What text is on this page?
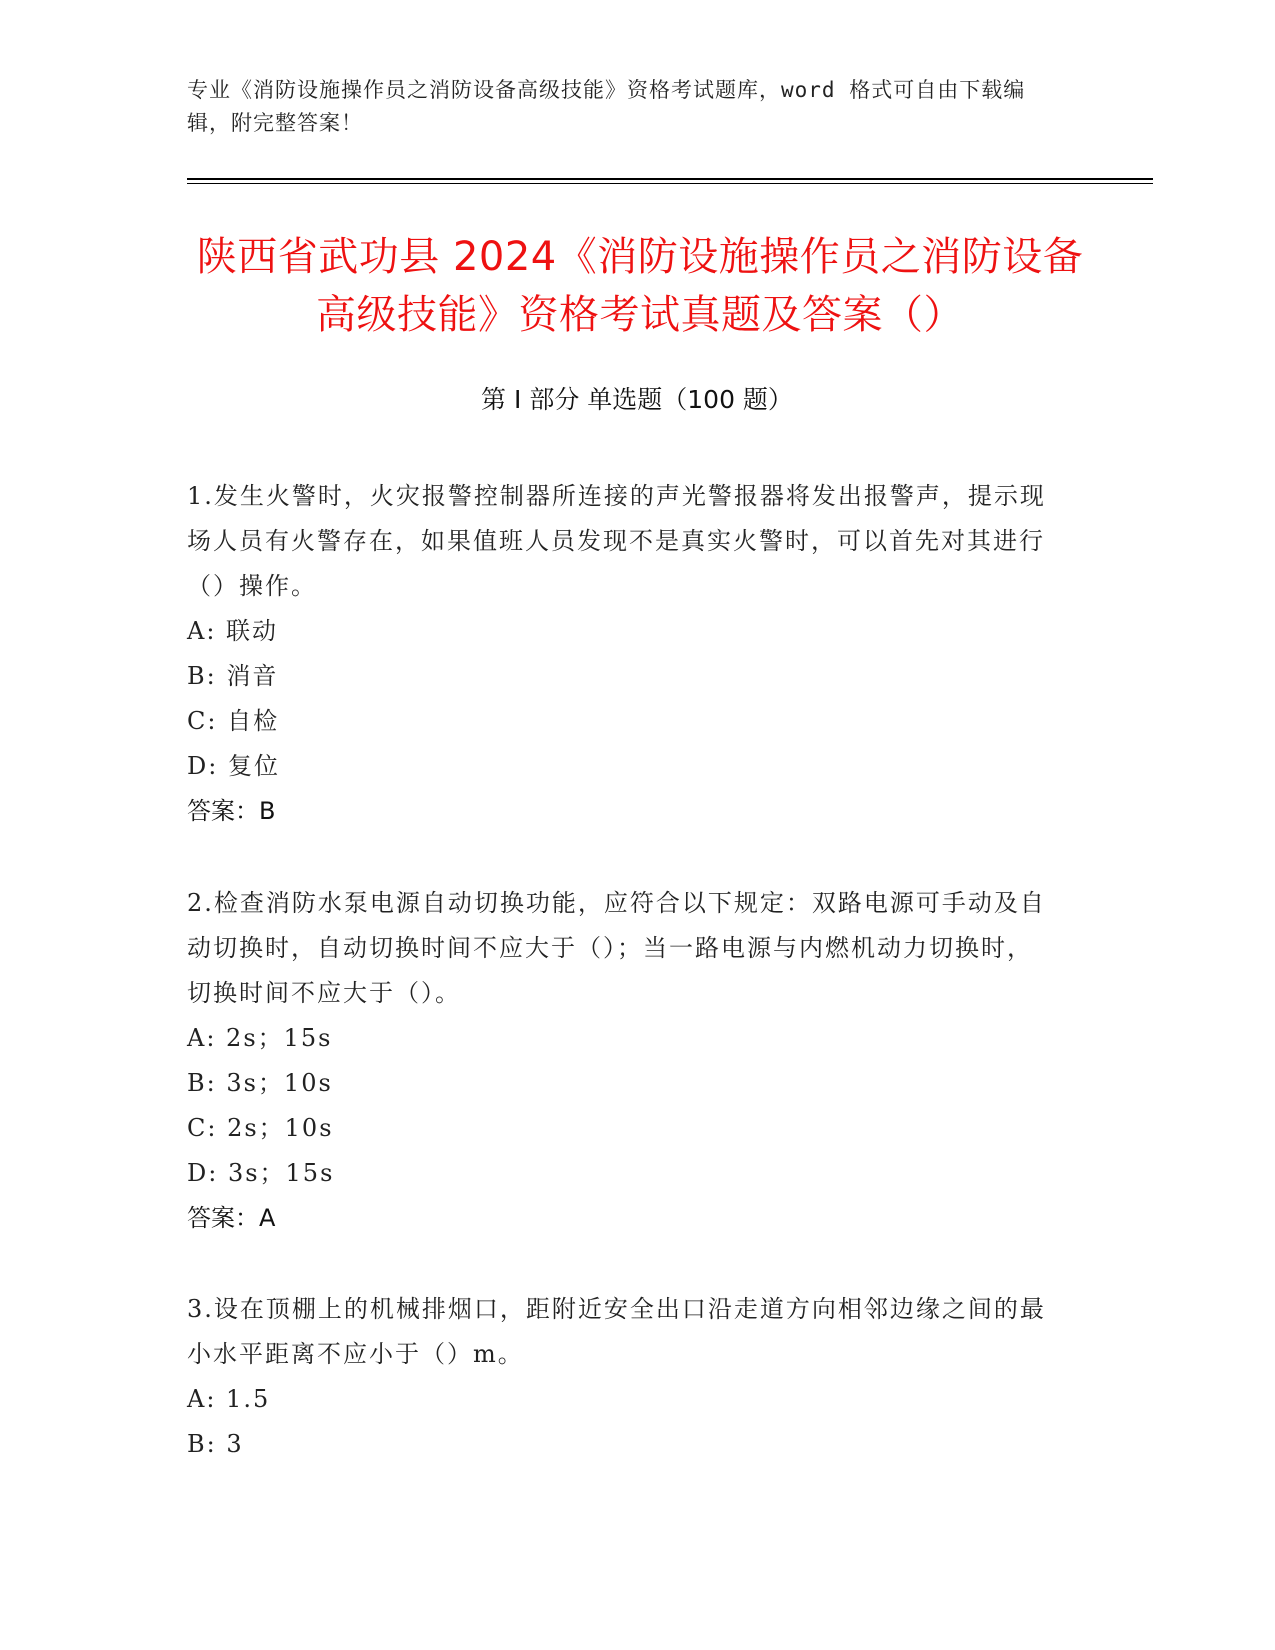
专业《消防设施操作员之消防设备高级技能》资格考试题库，word 格式可自由下载编辑，附完整答案！
陕西省武功县 2024《消防设施操作员之消防设备高级技能》资格考试真题及答案（）
第 I 部分 单选题（100 题）
1.发生火警时，火灾报警控制器所连接的声光警报器将发出报警声，提示现场人员有火警存在，如果值班人员发现不是真实火警时，可以首先对其进行（）操作。
A: 联动
B: 消音
C: 自检
D: 复位
答案：B
2.检查消防水泵电源自动切换功能，应符合以下规定：双路电源可手动及自动切换时，自动切换时间不应大于（）；当一路电源与内燃机动力切换时，切换时间不应大于（）。
A: 2s；15s
B: 3s；10s
C: 2s；10s
D: 3s；15s
答案：A
3.设在顶棚上的机械排烟口，距附近安全出口沿走道方向相邻边缘之间的最小水平距离不应小于（）m。
A: 1.5
B: 3
